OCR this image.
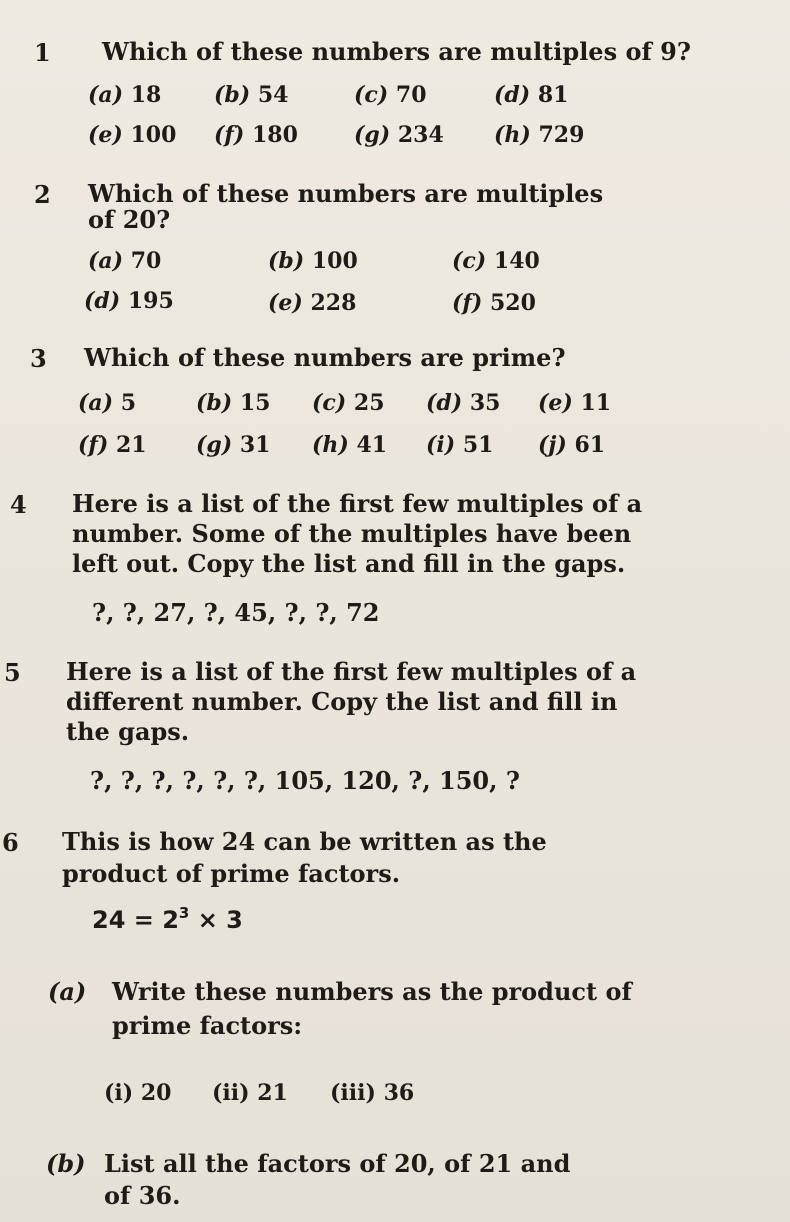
1 Which of these numbers are multiples of 9?
(a) 18 (b) 54	(c) 70	(d) 81
(e) 100 (f) 180	(g) 234 (h) 729
2 Which of these numbers are multiples
of 20?
(a) 70	(b) 100	(c) 140
(d) 195	(e) 228	(f) 520
3 Which of these numbers are prime?
(a) 5	(b) 15 (c) 25 (d) 35 (e) 11
(f) 21 (g) 31 (h) 41 (i) 51 (j) 61
4 Here is a list of the first few multiples of a
number. Some of the multiples have been
left out. Copy the list and fill in the gaps.
?, ?, 27, ?, 45, ?, ?, 72
5 Here is a list of the first few multiples of a
different number. Copy the list and fill in
the gaps.
?, ?, ?, ?, ?, ?, 105, 120, ?, 150, ?
6 This is how 24 can be written as the
product of prime factors.
$24 = 2^3 \times 3$
(a) Write these numbers as the product of
prime factors:
(i) 20 (ii) 21 (iii) 36
(b) List all the factors of 20, of 21 and
of 36.
